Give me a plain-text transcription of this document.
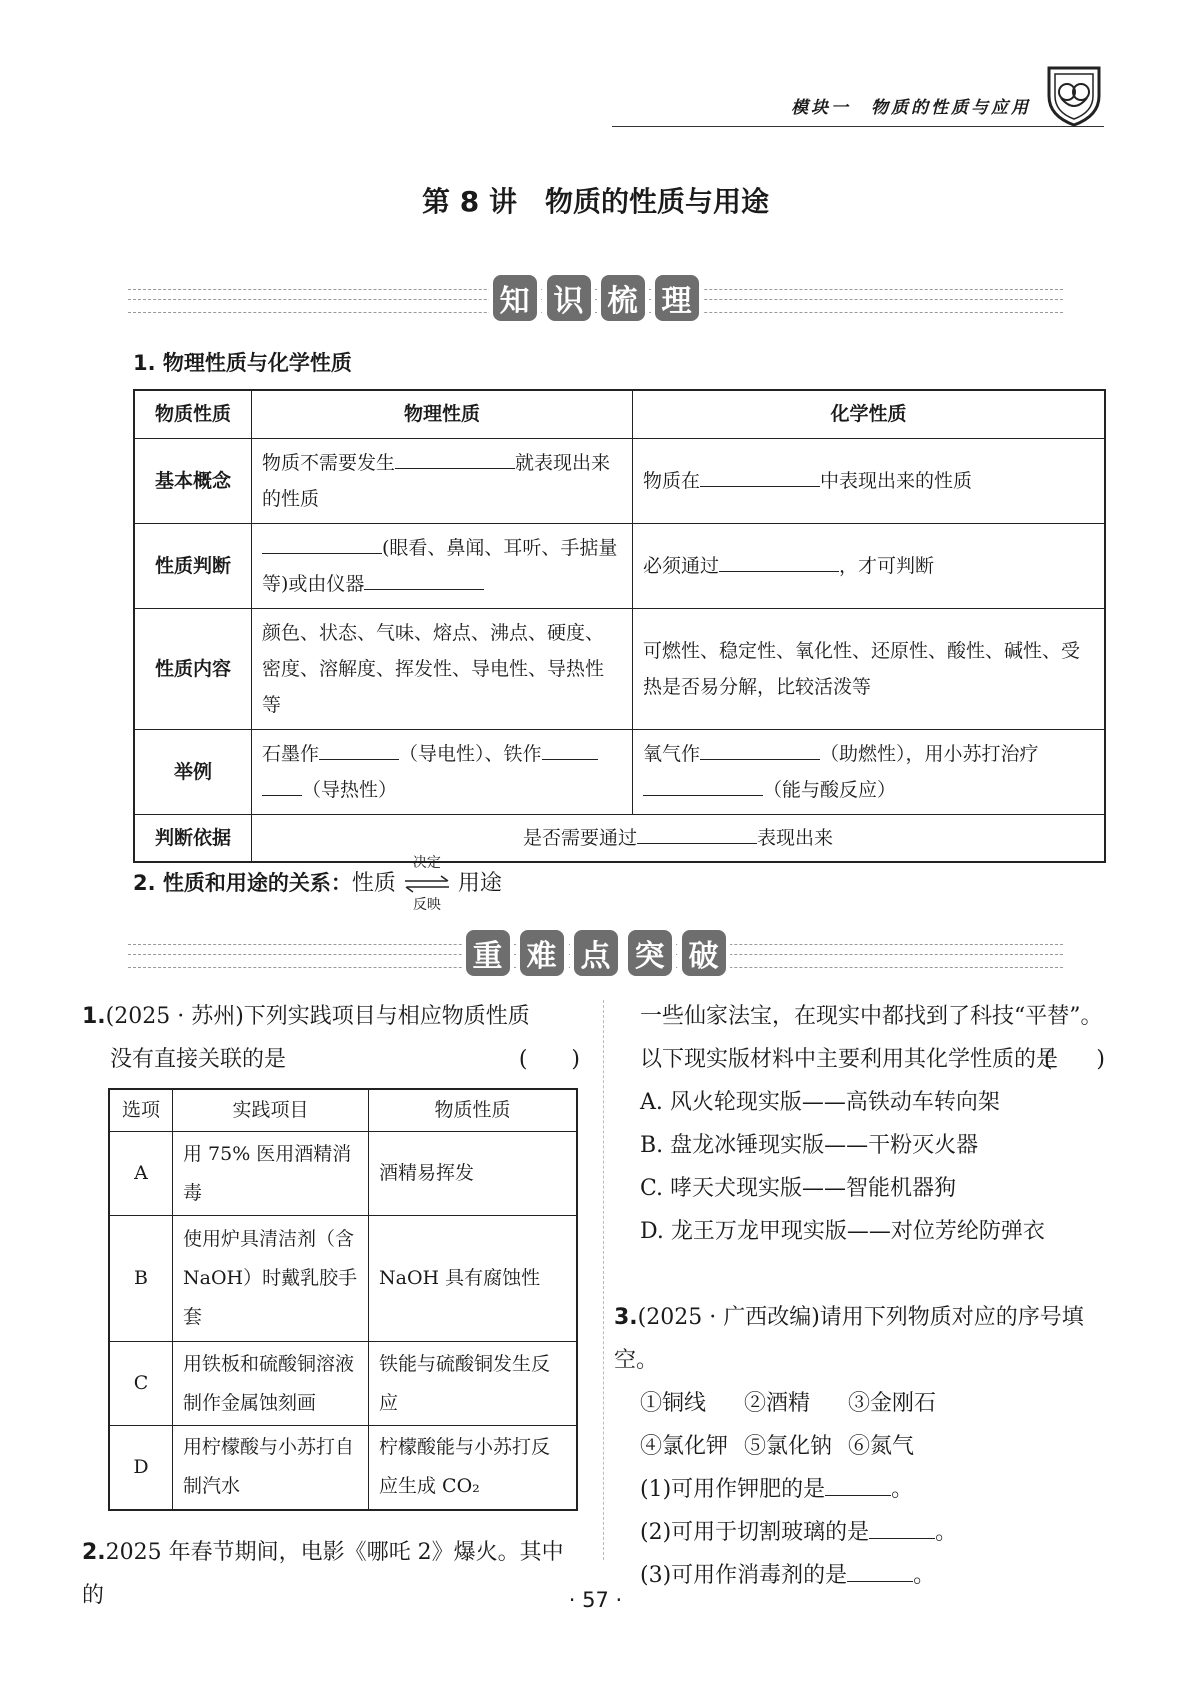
模块一　物质的性质与应用
第 8 讲　物质的性质与用途
知 识 梳 理
1. 物理性质与化学性质
物质性质	物理性质	化学性质
基本概念	物质不需要发生 就表现出来的性质	物质在 中表现出来的性质
性质判断	(眼看、鼻闻、耳听、手掂量等)或由仪器	必须通过 ，才可判断
性质内容	颜色、状态、气味、熔点、沸点、硬度、密度、溶解度、挥发性、导电性、导热性等	可燃性、稳定性、氧化性、还原性、酸性、碱性、受热是否易分解，比较活泼等
举例	石墨作 （导电性）、铁作（导热性）	氧气作 （助燃性），用小苏打治疗（能与酸反应）
判断依据	是否需要通过 表现出来	
2. 性质和用途的关系：性质
决定
反映
用途
重 难 点 突 破
1.(2025 · 苏州)下列实践项目与相应物质性质
没有直接关联的是	(　　)
选项	实践项目	物质性质
A	用 75% 医用酒精消毒	酒精易挥发
B	使用炉具清洁剂（含 NaOH）时戴乳胶手套	NaOH 具有腐蚀性
C	用铁板和硫酸铜溶液制作金属蚀刻画	铁能与硫酸铜发生反应
D	用柠檬酸与小苏打自制汽水	柠檬酸能与小苏打反应生成 CO₂
2.2025 年春节期间，电影《哪吒 2》爆火。其中的
一些仙家法宝，在现实中都找到了科技“平替”。以下现实版材料中主要利用其化学性质的是
(　　)
A. 风火轮现实版——高铁动车转向架
B. 盘龙冰锤现实版——干粉灭火器
C. 哮天犬现实版——智能机器狗
D. 龙王万龙甲现实版——对位芳纶防弹衣
3.(2025 · 广西改编)请用下列物质对应的序号填空。
①铜线 ②酒精 ③金刚石
④氯化钾 ⑤氯化钠 ⑥氮气
(1)可用作钾肥的是	。
(2)可用于切割玻璃的是	。
(3)可用作消毒剂的是	。
· 57 ·
